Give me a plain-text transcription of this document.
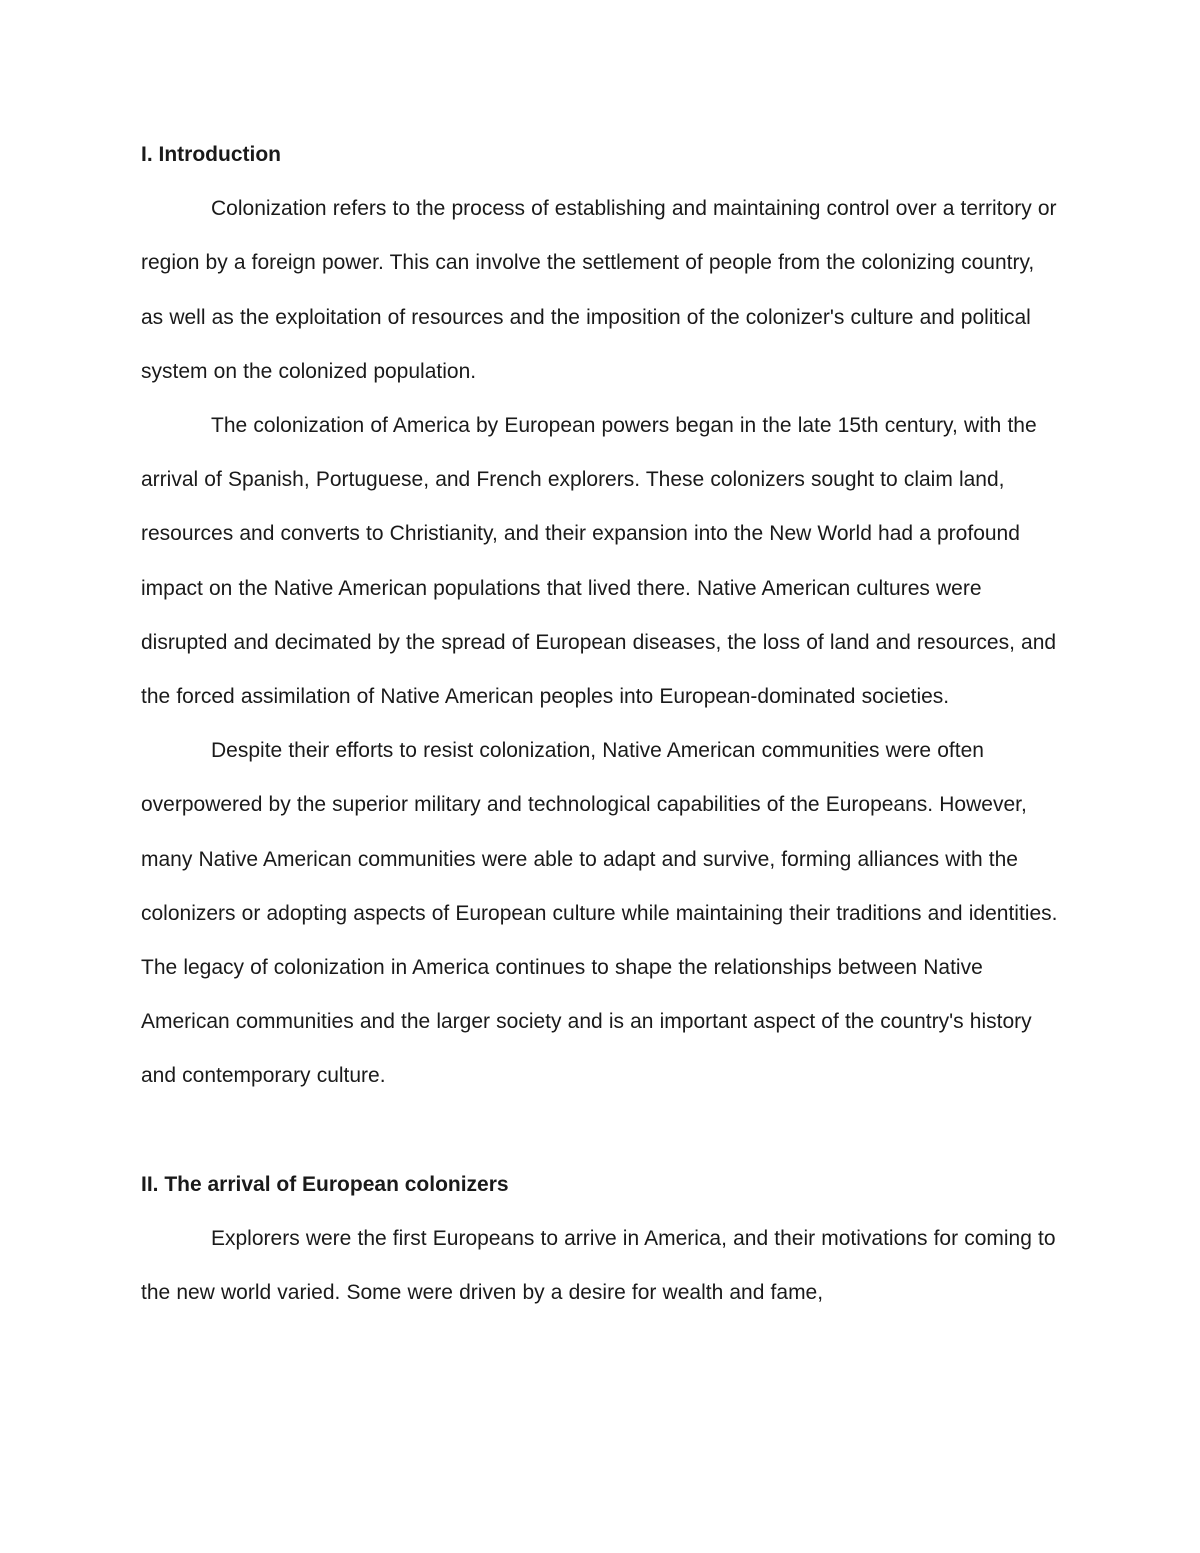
I. Introduction

Colonization refers to the process of establishing and maintaining control over a territory or region by a foreign power. This can involve the settlement of people from the colonizing country, as well as the exploitation of resources and the imposition of the colonizer's culture and political system on the colonized population.

The colonization of America by European powers began in the late 15th century, with the arrival of Spanish, Portuguese, and French explorers. These colonizers sought to claim land, resources and converts to Christianity, and their expansion into the New World had a profound impact on the Native American populations that lived there. Native American cultures were disrupted and decimated by the spread of European diseases, the loss of land and resources, and the forced assimilation of Native American peoples into European-dominated societies.

Despite their efforts to resist colonization, Native American communities were often overpowered by the superior military and technological capabilities of the Europeans. However, many Native American communities were able to adapt and survive, forming alliances with the colonizers or adopting aspects of European culture while maintaining their traditions and identities. The legacy of colonization in America continues to shape the relationships between Native American communities and the larger society and is an important aspect of the country's history and contemporary culture.

II. The arrival of European colonizers

Explorers were the first Europeans to arrive in America, and their motivations for coming to the new world varied. Some were driven by a desire for wealth and fame,
